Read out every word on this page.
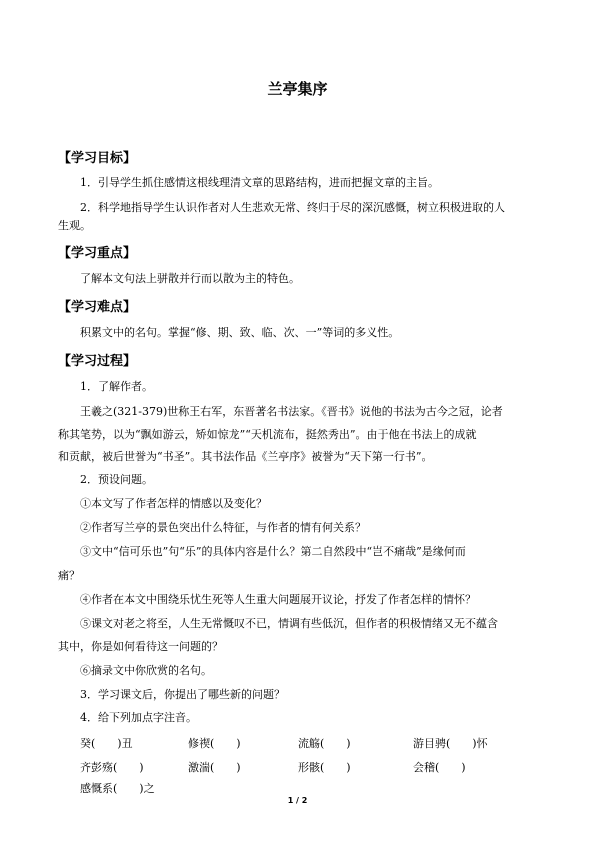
兰亭集序
【学习目标】
1．引导学生抓住感情这根线理清文章的思路结构，进而把握文章的主旨。
2．科学地指导学生认识作者对人生悲欢无常、终归于尽的深沉感慨，树立积极进取的人
生观。
【学习重点】
了解本文句法上骈散并行而以散为主的特色。
【学习难点】
积累文中的名句。掌握“修、期、致、临、次、一”等词的多义性。
【学习过程】
1．了解作者。
王羲之(321-379)世称王右军，东晋著名书法家。《晋书》说他的书法为古今之冠，论者
称其笔势，以为“飘如游云，矫如惊龙”“天机流布，挺然秀出”。由于他在书法上的成就
和贡献，被后世誉为“书圣”。其书法作品《兰亭序》被誉为“天下第一行书”。
2．预设问题。
①本文写了作者怎样的情感以及变化？
②作者写兰亭的景色突出什么特征，与作者的情有何关系？
③文中“信可乐也”句“乐”的具体内容是什么？第二自然段中“岂不痛哉”是缘何而
痛？
④作者在本文中围绕乐忧生死等人生重大问题展开议论，抒发了作者怎样的情怀？
⑤课文对老之将至，人生无常慨叹不已，情调有些低沉，但作者的积极情绪又无不蕴含
其中，你是如何看待这一问题的？
⑥摘录文中你欣赏的名句。
3．学习课文后，你提出了哪些新的问题？
4．给下列加点字注音。
癸(　　)丑	修禊(　　)	流觞(　　)	游目骋(　　)怀
齐彭殇(　　)	激湍(　　)	形骸(　　)	会稽(　　)
感慨系(　　)之
1 / 2
